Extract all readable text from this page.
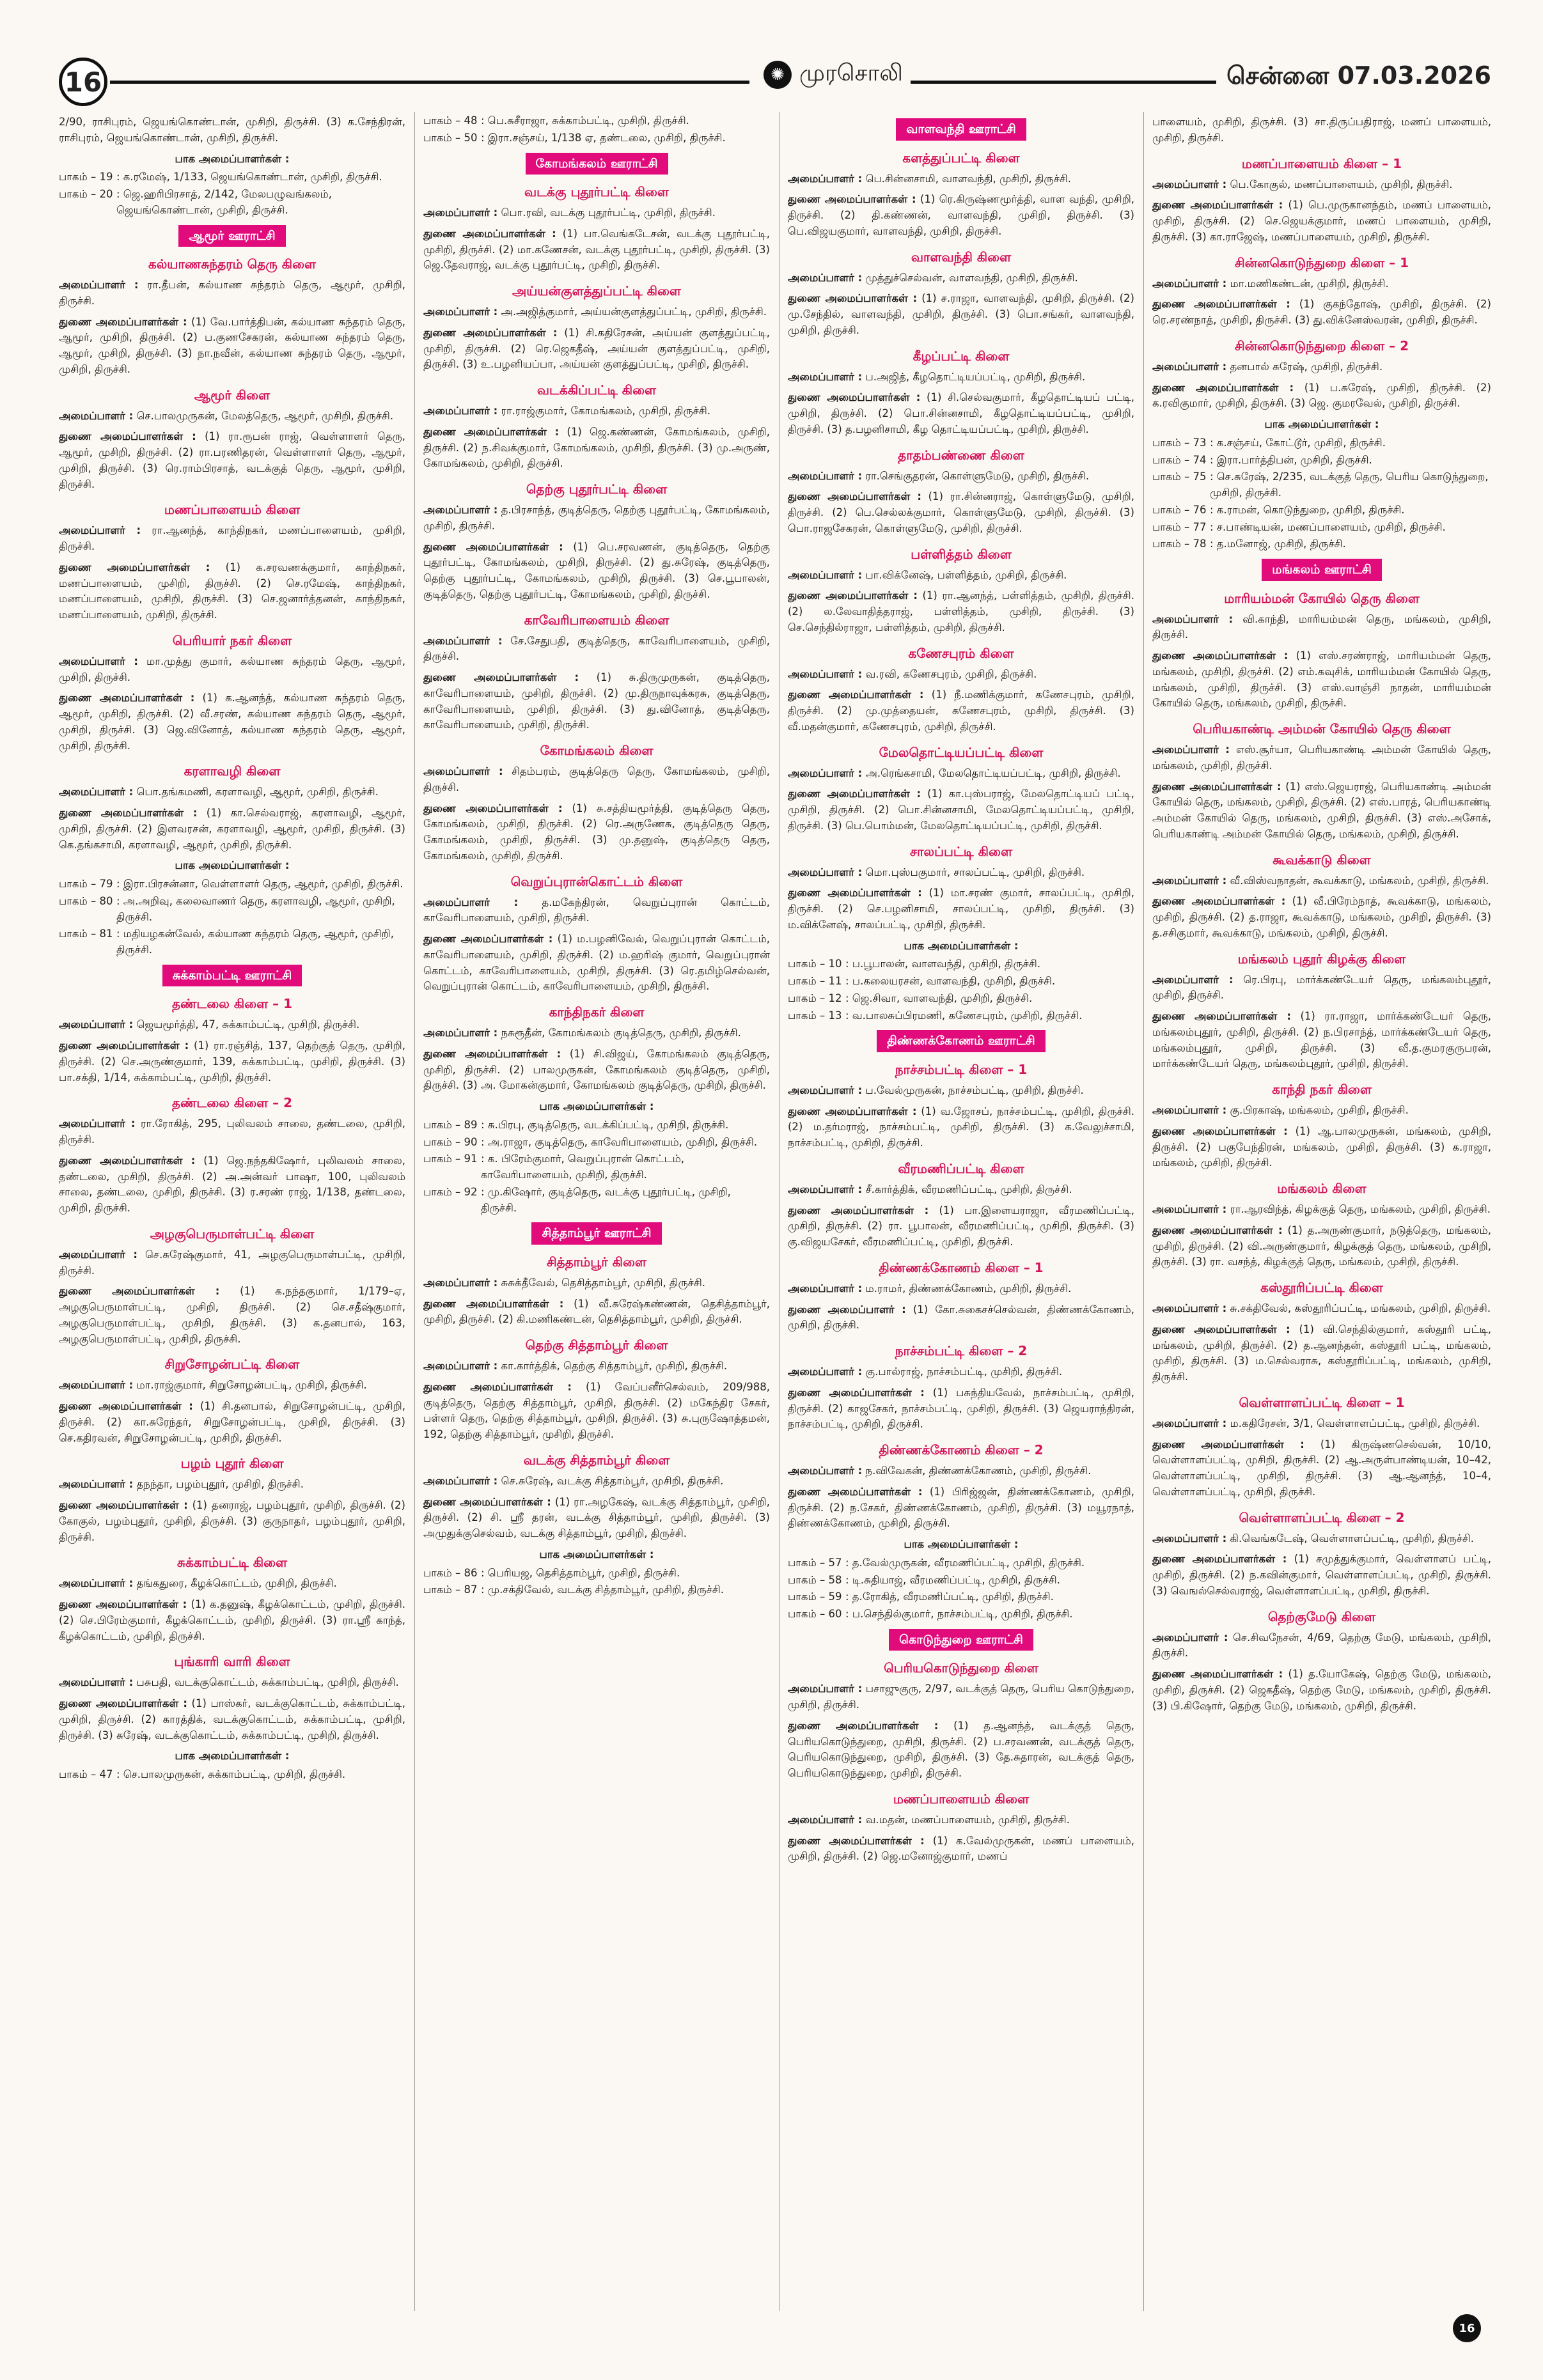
16	✺ முரசொலி	சென்னை 07.03.2026
2/90, ராசிபுரம், ஜெயங்கொண்டான், முசிறி, திருச்சி. (3) க.சேந்திரன், ராசிபுரம், ஜெயங்கொண்டான், முசிறி, திருச்சி.
பாக அமைப்பாளர்கள் :
பாகம் – 19 : க.ரமேஷ், 1/133, ஜெயங்கொண்டான், முசிறி, திருச்சி.
பாகம் – 20 : ஜெ.ஹரிபிரசாத், 2/142, மேலபழுவங்கலம், ஜெயங்கொண்டான், முசிறி, திருச்சி.
ஆமூர் ஊராட்சி
கல்யாணசுந்தரம் தெரு கிளை
அமைப்பாளர் : ரா.தீபன், கல்யாண சுந்தரம் தெரு, ஆமூர், முசிறி, திருச்சி.
துணை அமைப்பாளர்கள் : (1) வே.பார்த்திபன், கல்யாண சுந்தரம் தெரு, ஆமூர், முசிறி, திருச்சி. (2) ப.குணசேகரன், கல்யாண சுந்தரம் தெரு, ஆமூர், முசிறி, திருச்சி. (3) நா.நவீன், கல்யாண சுந்தரம் தெரு, ஆமூர், முசிறி, திருச்சி.
ஆமூர் கிளை
அமைப்பாளர் : செ.பாலமுருகன், மேலத்தெரு, ஆமூர், முசிறி, திருச்சி.
துணை அமைப்பாளர்கள் : (1) ரா.ரூபன் ராஜ், வெள்ளாளர் தெரு, ஆமூர், முசிறி, திருச்சி. (2) ரா.பரணிதரன், வெள்ளாளர் தெரு, ஆமூர், முசிறி, திருச்சி. (3) ரெ.ராம்பிரசாத், வடக்குத் தெரு, ஆமூர், முசிறி, திருச்சி.
மணப்பாளையம் கிளை
அமைப்பாளர் : ரா.ஆனந்த், காந்திநகர், மணப்பாளையம், முசிறி, திருச்சி.
துணை அமைப்பாளர்கள் : (1) க.சரவணக்குமார், காந்திநகர், மணப்பாளையம், முசிறி, திருச்சி. (2) செ.ரமேஷ், காந்திநகர், மணப்பாளையம், முசிறி, திருச்சி. (3) செ.ஜனார்த்தனன், காந்திநகர், மணப்பாளையம், முசிறி, திருச்சி.
பெரியார் நகர் கிளை
அமைப்பாளர் : மா.முத்து குமார், கல்யாண சுந்தரம் தெரு, ஆமூர், முசிறி, திருச்சி.
துணை அமைப்பாளர்கள் : (1) க.ஆனந்த், கல்யாண சுந்தரம் தெரு, ஆமூர், முசிறி, திருச்சி. (2) வீ.சரண், கல்யாண சுந்தரம் தெரு, ஆமூர், முசிறி, திருச்சி. (3) ஜெ.வினோத், கல்யாண சுந்தரம் தெரு, ஆமூர், முசிறி, திருச்சி.
கரளாவழி கிளை
அமைப்பாளர் : பொ.தங்கமணி, கரளாவழி, ஆமூர், முசிறி, திருச்சி.
துணை அமைப்பாளர்கள் : (1) கா.செல்வராஜ், கரளாவழி, ஆமூர், முசிறி, திருச்சி. (2) இளவரசன், கரளாவழி, ஆமூர், முசிறி, திருச்சி. (3) கெ.தங்கசாமி, கரளாவழி, ஆமூர், முசிறி, திருச்சி.
பாக அமைப்பாளர்கள் :
பாகம் – 79 : இரா.பிரசன்னா, வெள்ளாளர் தெரு, ஆமூர், முசிறி, திருச்சி.
பாகம் – 80 : அ.அறிவு, கலைவாணர் தெரு, கரளாவழி, ஆமூர், முசிறி, திருச்சி.
பாகம் – 81 : மதியழகன்வேல், கல்யாண சுந்தரம் தெரு, ஆமூர், முசிறி, திருச்சி.
சுக்காம்பட்டி ஊராட்சி
தண்டலை கிளை – 1
அமைப்பாளர் : ஜெயமூர்த்தி, 47, சுக்காம்பட்டி, முசிறி, திருச்சி.
துணை அமைப்பாளர்கள் : (1) ரா.ரஞ்சித், 137, தெற்குத் தெரு, முசிறி, திருச்சி. (2) செ.அருண்குமார், 139, சுக்காம்பட்டி, முசிறி, திருச்சி. (3) பா.சக்தி, 1/14, சுக்காம்பட்டி, முசிறி, திருச்சி.
தண்டலை கிளை – 2
அமைப்பாளர் : ரா.ரோகித், 295, புலிவலம் சாலை, தண்டலை, முசிறி, திருச்சி.
துணை அமைப்பாளர்கள் : (1) ஜெ.நந்தகிஷோர், புலிவலம் சாலை, தண்டலை, முசிறி, திருச்சி. (2) அ.அன்வர் பாஷா, 100, புலிவலம் சாலை, தண்டலை, முசிறி, திருச்சி. (3) ர.சரண் ராஜ், 1/138, தண்டலை, முசிறி, திருச்சி.
அழகுபெருமாள்பட்டி கிளை
அமைப்பாளர் : செ.சுரேஷ்குமார், 41, அழகுபெருமாள்பட்டி, முசிறி, திருச்சி.
துணை அமைப்பாளர்கள் : (1) க.நந்தகுமார், 1/179–ஏ, அழகுபெருமாள்பட்டி, முசிறி, திருச்சி. (2) செ.சதீஷ்குமார், அழகுபெருமாள்பட்டி, முசிறி, திருச்சி. (3) க.தனபால், 163, அழகுபெருமாள்பட்டி, முசிறி, திருச்சி.
சிறுசோழன்பட்டி கிளை
அமைப்பாளர் : மா.ராஜ்குமார், சிறுசோழன்பட்டி, முசிறி, திருச்சி.
துணை அமைப்பாளர்கள் : (1) சி.தனபால், சிறுசோழன்பட்டி, முசிறி, திருச்சி. (2) கா.சுரேந்தர், சிறுசோழன்பட்டி, முசிறி, திருச்சி. (3) செ.கதிரவன், சிறுசோழன்பட்டி, முசிறி, திருச்சி.
பழம் புதூர் கிளை
அமைப்பாளர் : தநந்தா, பழம்புதூர், முசிறி, திருச்சி.
துணை அமைப்பாளர்கள் : (1) தனராஜ், பழம்புதூர், முசிறி, திருச்சி. (2) கோகுல், பழம்புதூர், முசிறி, திருச்சி. (3) குருநாதர், பழம்புதூர், முசிறி, திருச்சி.
சுக்காம்பட்டி கிளை
அமைப்பாளர் : தங்கதுரை, கீழக்கொட்டம், முசிறி, திருச்சி.
துணை அமைப்பாளர்கள் : (1) க.தனுஷ், கீழக்கொட்டம், முசிறி, திருச்சி. (2) செ.பிரேம்குமார், கீழக்கொட்டம், முசிறி, திருச்சி. (3) ரா.ஸ்ரீ காந்த், கீழக்கொட்டம், முசிறி, திருச்சி.
புங்காரி வாரி கிளை
அமைப்பாளர் : பசுபதி, வடக்குகொட்டம், சுக்காம்பட்டி, முசிறி, திருச்சி.
துணை அமைப்பாளர்கள் : (1) பாஸ்கர், வடக்குகொட்டம், சுக்காம்பட்டி, முசிறி, திருச்சி. (2) காரத்திக், வடக்குகொட்டம், சுக்காம்பட்டி, முசிறி, திருச்சி. (3) சுரேஷ், வடக்குகொட்டம், சுக்காம்பட்டி, முசிறி, திருச்சி.
பாக அமைப்பாளர்கள் :
பாகம் – 47 : செ.பாலமுருகன், சுக்காம்பட்டி, முசிறி, திருச்சி.
பாகம் – 48 : பெ.சுசீராஜா, சுக்காம்பட்டி, முசிறி, திருச்சி.
பாகம் – 50 : இரா.சஞ்சய், 1/138 ஏ, தண்டலை, முசிறி, திருச்சி.
கோமங்கலம் ஊராட்சி
வடக்கு புதூர்பட்டி கிளை
அமைப்பாளர் : பொ.ரவி, வடக்கு புதூர்பட்டி, முசிறி, திருச்சி.
துணை அமைப்பாளர்கள் : (1) பா.வெங்கடேசன், வடக்கு புதூர்பட்டி, முசிறி, திருச்சி. (2) மா.கணேசன், வடக்கு புதூர்பட்டி, முசிறி, திருச்சி. (3) ஜெ.தேவராஜ், வடக்கு புதூர்பட்டி, முசிறி, திருச்சி.
அய்யன்குளத்துப்பட்டி கிளை
அமைப்பாளர் : அ.அஜித்குமார், அய்யன்குளத்துப்பட்டி, முசிறி, திருச்சி.
துணை அமைப்பாளர்கள் : (1) சி.கதிரேசன், அய்யன் குளத்துப்பட்டி, முசிறி, திருச்சி. (2) ரெ.ஜெகதீஷ், அய்யன் குளத்துப்பட்டி, முசிறி, திருச்சி. (3) உ.பழனியப்பா, அய்யன் குளத்துப்பட்டி, முசிறி, திருச்சி.
வடக்கிப்பட்டி கிளை
அமைப்பாளர் : ரா.ராஜ்குமார், கோமங்கலம், முசிறி, திருச்சி.
துணை அமைப்பாளர்கள் : (1) ஜெ.கண்ணன், கோமங்கலம், முசிறி, திருச்சி. (2) ந.சிவக்குமார், கோமங்கலம், முசிறி, திருச்சி. (3) மு.அருண், கோமங்கலம், முசிறி, திருச்சி.
தெற்கு புதூர்பட்டி கிளை
அமைப்பாளர் : த.பிரசாந்த், குடித்தெரு, தெற்கு புதூர்பட்டி, கோமங்கலம், முசிறி, திருச்சி.
துணை அமைப்பாளர்கள் : (1) பெ.சரவணன், குடித்தெரு, தெற்கு புதூர்பட்டி, கோமங்கலம், முசிறி, திருச்சி. (2) து.சுரேஷ், குடித்தெரு, தெற்கு புதூர்பட்டி, கோமங்கலம், முசிறி, திருச்சி. (3) செ.பூபாலன், குடித்தெரு, தெற்கு புதூர்பட்டி, கோமங்கலம், முசிறி, திருச்சி.
காவேரிபாளையம் கிளை
அமைப்பாளர் : சே.சேதுபதி, குடித்தெரு, காவேரிபாளையம், முசிறி, திருச்சி.
துணை அமைப்பாளர்கள் : (1) சு.திருமுருகன், குடித்தெரு, காவேரிபாளையம், முசிறி, திருச்சி. (2) மு.திருநாவுக்கரசு, குடித்தெரு, காவேரிபாளையம், முசிறி, திருச்சி. (3) து.வினோத், குடித்தெரு, காவேரிபாளையம், முசிறி, திருச்சி.
கோமங்கலம் கிளை
அமைப்பாளர் : சிதம்பரம், குடித்தெரு தெரு, கோமங்கலம், முசிறி, திருச்சி.
துணை அமைப்பாளர்கள் : (1) சு.சத்தியமூர்த்தி, குடித்தெரு தெரு, கோமங்கலம், முசிறி, திருச்சி. (2) ரெ.அருணேசு, குடித்தெரு தெரு, கோமங்கலம், முசிறி, திருச்சி. (3) மு.தனுஷ், குடித்தெரு தெரு, கோமங்கலம், முசிறி, திருச்சி.
வெறுப்புரான்கொட்டம் கிளை
அமைப்பாளர் : த.மகேந்திரன், வெறுப்புரான் கொட்டம், காவேரிபாளையம், முசிறி, திருச்சி.
துணை அமைப்பாளர்கள் : (1) ம.பழனிவேல், வெறுப்புரான் கொட்டம், காவேரிபாளையம், முசிறி, திருச்சி. (2) ம.ஹரிஷ் குமார், வெறுப்புரான் கொட்டம், காவேரிபாளையம், முசிறி, திருச்சி. (3) ரெ.தமிழ்செல்வன், வெறுப்புரான் கொட்டம், காவேரிபாளையம், முசிறி, திருச்சி.
காந்திநகர் கிளை
அமைப்பாளர் : நசுரூதீன், கோமங்கலம் குடித்தெரு, முசிறி, திருச்சி.
துணை அமைப்பாளர்கள் : (1) சி.விஜய், கோமங்கலம் குடித்தெரு, முசிறி, திருச்சி. (2) பாலமுருகன், கோமங்கலம் குடித்தெரு, முசிறி, திருச்சி. (3) அ. மோகன்குமார், கோமங்கலம் குடித்தெரு, முசிறி, திருச்சி.
பாக அமைப்பாளர்கள் :
பாகம் – 89 : சு.பிரபு, குடித்தெரு, வடக்கிப்பட்டி, முசிறி, திருச்சி.
பாகம் – 90 : அ.ராஜா, குடித்தெரு, காவேரிபாளையம், முசிறி, திருச்சி.
பாகம் – 91 : க. பிரேம்குமார், வெறுப்புரான் கொட்டம், காவேரிபாளையம், முசிறி, திருச்சி.
பாகம் – 92 : மு.கிஷோர், குடித்தெரு, வடக்கு புதூர்பட்டி, முசிறி, திருச்சி.
சித்தாம்பூர் ஊராட்சி
சித்தாம்பூர் கிளை
அமைப்பாளர் : சுசுக்தீவேல், தெசித்தாம்பூர், முசிறி, திருச்சி.
துணை அமைப்பாளர்கள் : (1) வீ.சுரேஷ்கண்ணன், தெசித்தாம்பூர், முசிறி, திருச்சி. (2) கி.மணிகண்டன், தெசித்தாம்பூர், முசிறி, திருச்சி.
தெற்கு சித்தாம்பூர் கிளை
அமைப்பாளர் : கா.கார்த்திக், தெற்கு சித்தாம்பூர், முசிறி, திருச்சி.
துணை அமைப்பாளர்கள் : (1) வேப்பனீர்செல்வம், 209/988, குடித்தெரு, தெற்கு சித்தாம்பூர், முசிறி, திருச்சி. (2) மகேந்திர சேகர், பள்ளர் தெரு, தெற்கு சித்தாம்பூர், முசிறி, திருச்சி. (3) சு.புருஷோத்தமன், 192, தெற்கு சித்தாம்பூர், முசிறி, திருச்சி.
வடக்கு சித்தாம்பூர் கிளை
அமைப்பாளர் : செ.சுரேஷ், வடக்கு சித்தாம்பூர், முசிறி, திருச்சி.
துணை அமைப்பாளர்கள் : (1) ரா.அழகேஷ், வடக்கு சித்தாம்பூர், முசிறி, திருச்சி. (2) சி. ஸ்ரீ தரன், வடக்கு சித்தாம்பூர், முசிறி, திருச்சி. (3) அமுதுக்குசெல்வம், வடக்கு சித்தாம்பூர், முசிறி, திருச்சி.
பாக அமைப்பாளர்கள் :
பாகம் – 86 : பெரியஜ, தெசித்தாம்பூர், முசிறி, திருச்சி.
பாகம் – 87 : மு.சக்திவேல், வடக்கு சித்தாம்பூர், முசிறி, திருச்சி.
வாளவந்தி ஊராட்சி
களத்துப்பட்டி கிளை
அமைப்பாளர் : பெ.சின்னசாமி, வாளவந்தி, முசிறி, திருச்சி.
துணை அமைப்பாளர்கள் : (1) ரெ.கிருஷ்ணமூர்த்தி, வாள வந்தி, முசிறி, திருச்சி. (2) தி.கண்ணன், வாளவந்தி, முசிறி, திருச்சி. (3) பெ.விஜயகுமார், வாளவந்தி, முசிறி, திருச்சி.
வாளவந்தி கிளை
அமைப்பாளர் : முத்துச்செல்வன், வாளவந்தி, முசிறி, திருச்சி.
துணை அமைப்பாளர்கள் : (1) ச.ராஜா, வாளவந்தி, முசிறி, திருச்சி. (2) மு.சேந்தில், வாளவந்தி, முசிறி, திருச்சி. (3) பொ.சங்கர், வாளவந்தி, முசிறி, திருச்சி.
கீழப்பட்டி கிளை
அமைப்பாளர் : ப.அஜித், கீழதொட்டியப்பட்டி, முசிறி, திருச்சி.
துணை அமைப்பாளர்கள் : (1) சி.செல்வகுமார், கீழதொட்டியப் பட்டி, முசிறி, திருச்சி. (2) பொ.சின்னசாமி, கீழதொட்டியப்பட்டி, முசிறி, திருச்சி. (3) த.பழனிசாமி, கீழ தொட்டியப்பட்டி, முசிறி, திருச்சி.
தாதம்பண்ணை கிளை
அமைப்பாளர் : ரா.செங்குதரன், கொள்ளுமேடு, முசிறி, திருச்சி.
துணை அமைப்பாளர்கள் : (1) ரா.சின்னராஜ், கொள்ளுமேடு, முசிறி, திருச்சி. (2) பெ.செல்லக்குமார், கொள்ளுமேடு, முசிறி, திருச்சி. (3) பொ.ராஜசேகரன், கொள்ளுமேடு, முசிறி, திருச்சி.
பள்ளித்தம் கிளை
அமைப்பாளர் : பா.விக்னேஷ், பள்ளித்தம், முசிறி, திருச்சி.
துணை அமைப்பாளர்கள் : (1) ரா.ஆனந்த், பள்ளித்தம், முசிறி, திருச்சி. (2) ல.லேவாதித்தராஜ், பள்ளித்தம், முசிறி, திருச்சி. (3) செ.செந்தில்ராஜா, பள்ளித்தம், முசிறி, திருச்சி.
கணேசபுரம் கிளை
அமைப்பாளர் : வ.ரவி, கணேசபுரம், முசிறி, திருச்சி.
துணை அமைப்பாளர்கள் : (1) நீ.மணிக்குமார், கணேசபுரம், முசிறி, திருச்சி. (2) மு.முத்தையன், கணேசபுரம், முசிறி, திருச்சி. (3) வீ.மதன்குமார், கணேசபுரம், முசிறி, திருச்சி.
மேலதொட்டியப்பட்டி கிளை
அமைப்பாளர் : அ.ரெங்கசாமி, மேலதொட்டியப்பட்டி, முசிறி, திருச்சி.
துணை அமைப்பாளர்கள் : (1) கா.புஸ்பராஜ், மேலதொட்டியப் பட்டி, முசிறி, திருச்சி. (2) பொ.சின்னசாமி, மேலதொட்டியப்பட்டி, முசிறி, திருச்சி. (3) பெ.பொம்மன், மேலதொட்டியப்பட்டி, முசிறி, திருச்சி.
சாலப்பட்டி கிளை
அமைப்பாளர் : மொ.புஸ்பகுமார், சாலப்பட்டி, முசிறி, திருச்சி.
துணை அமைப்பாளர்கள் : (1) மா.சரண் குமார், சாலப்பட்டி, முசிறி, திருச்சி. (2) செ.பழனிசாமி, சாலப்பட்டி, முசிறி, திருச்சி. (3) ம.விக்னேஷ், சாலப்பட்டி, முசிறி, திருச்சி.
பாக அமைப்பாளர்கள் :
பாகம் – 10 : ப.பூபாலன், வாளவந்தி, முசிறி, திருச்சி.
பாகம் – 11 : ப.கலையரசன், வாளவந்தி, முசிறி, திருச்சி.
பாகம் – 12 : ஜெ.சிவா, வாளவந்தி, முசிறி, திருச்சி.
பாகம் – 13 : வ.பாலசுப்பிரமணி, கணேசபுரம், முசிறி, திருச்சி.
திண்ணக்கோணம் ஊராட்சி
நாச்சம்பட்டி கிளை – 1
அமைப்பாளர் : ப.வேல்முருகன், நாச்சம்பட்டி, முசிறி, திருச்சி.
துணை அமைப்பாளர்கள் : (1) வ.ஜோசப், நாச்சம்பட்டி, முசிறி, திருச்சி. (2) ம.தர்மராஜ், நாச்சம்பட்டி, முசிறி, திருச்சி. (3) க.வேலுச்சாமி, நாச்சம்பட்டி, முசிறி, திருச்சி.
வீரமணிப்பட்டி கிளை
அமைப்பாளர் : சீ.கார்த்திக், வீரமணிப்பட்டி, முசிறி, திருச்சி.
துணை அமைப்பாளர்கள் : (1) பா.இளையராஜா, வீரமணிப்பட்டி, முசிறி, திருச்சி. (2) ரா. பூபாலன், வீரமணிப்பட்டி, முசிறி, திருச்சி. (3) கு.விஜயசேகர், வீரமணிப்பட்டி, முசிறி, திருச்சி.
திண்ணக்கோணம் கிளை – 1
அமைப்பாளர் : ம.ராமர், திண்ணக்கோணம், முசிறி, திருச்சி.
துணை அமைப்பாளர் : (1) கோ.சுகைசச்செல்வன், திண்ணக்கோணம், முசிறி, திருச்சி.
நாச்சம்பட்டி கிளை – 2
அமைப்பாளர் : கு.பால்ராஜ், நாச்சம்பட்டி, முசிறி, திருச்சி.
துணை அமைப்பாளர்கள் : (1) பசுந்தியவேல், நாச்சம்பட்டி, முசிறி, திருச்சி. (2) காஜசேகர், நாச்சம்பட்டி, முசிறி, திருச்சி. (3) ஜெயராந்திரன், நாச்சம்பட்டி, முசிறி, திருச்சி.
திண்ணக்கோணம் கிளை – 2
அமைப்பாளர் : ந.விவேகன், திண்ணக்கோணம், முசிறி, திருச்சி.
துணை அமைப்பாளர்கள் : (1) பிரிஜ்ஜன், திண்ணக்கோணம், முசிறி, திருச்சி. (2) ந.சேகர், திண்ணக்கோணம், முசிறி, திருச்சி. (3) மயூரநாத், திண்ணக்கோணம், முசிறி, திருச்சி.
பாக அமைப்பாளர்கள் :
பாகம் – 57 : த.வேல்முருகன், வீரமணிப்பட்டி, முசிறி, திருச்சி.
பாகம் – 58 : டி.சுதியாஜ், வீரமணிப்பட்டி, முசிறி, திருச்சி.
பாகம் – 59 : த.ரோகித், வீரமணிப்பட்டி, முசிறி, திருச்சி.
பாகம் – 60 : ப.செந்தில்குமார், நாச்சம்பட்டி, முசிறி, திருச்சி.
கொடுந்துறை ஊராட்சி
பெரியகொடுந்துறை கிளை
அமைப்பாளர் : பசாஜுகுரு, 2/97, வடக்குத் தெரு, பெரிய கொடுந்துறை, முசிறி, திருச்சி.
துணை அமைப்பாளர்கள் : (1) த.ஆனந்த், வடக்குத் தெரு, பெரியகொடுந்துறை, முசிறி, திருச்சி. (2) ப.சரவணன், வடக்குத் தெரு, பெரியகொடுந்துறை, முசிறி, திருச்சி. (3) தே.சுதாரன், வடக்குத் தெரு, பெரியகொடுந்துறை, முசிறி, திருச்சி.
மணப்பாளையம் கிளை
அமைப்பாளர் : வ.மதன், மணப்பாளையம், முசிறி, திருச்சி.
துணை அமைப்பாளர்கள் : (1) க.வேல்முருகன், மணப் பாளையம், முசிறி, திருச்சி. (2) ஜெ.மனோஜ்குமார், மணப்
பாளையம், முசிறி, திருச்சி. (3) சா.திருப்பதிராஜ், மணப் பாளையம், முசிறி, திருச்சி.
மணப்பாளையம் கிளை – 1
அமைப்பாளர் : பெ.கோகுல், மணப்பாளையம், முசிறி, திருச்சி.
துணை அமைப்பாளர்கள் : (1) பெ.முருகானந்தம், மணப் பாளையம், முசிறி, திருச்சி. (2) செ.ஜெயக்குமார், மணப் பாளையம், முசிறி, திருச்சி. (3) கா.ராஜேஷ், மணப்பாளையம், முசிறி, திருச்சி.
சின்னகொடுந்துறை கிளை – 1
அமைப்பாளர் : மா.மணிகண்டன், முசிறி, திருச்சி.
துணை அமைப்பாளர்கள் : (1) குகந்தோஷ், முசிறி, திருச்சி. (2) ரெ.சரண்நாத், முசிறி, திருச்சி. (3) து.விக்னேஸ்வரன், முசிறி, திருச்சி.
சின்னகொடுந்துறை கிளை – 2
அமைப்பாளர் : தனபால் சுரேஷ், முசிறி, திருச்சி.
துணை அமைப்பாளர்கள் : (1) ப.சுரேஷ், முசிறி, திருச்சி. (2) க.ரவிகுமார், முசிறி, திருச்சி. (3) ஜெ. குமரவேல், முசிறி, திருச்சி.
பாக அமைப்பாளர்கள் :
பாகம் – 73 : க.சஞ்சய், கோட்டூர், முசிறி, திருச்சி.
பாகம் – 74 : இரா.பார்த்திபன், முசிறி, திருச்சி.
பாகம் – 75 : செ.சுரேஷ், 2/235, வடக்குத் தெரு, பெரிய கொடுந்துறை, முசிறி, திருச்சி.
பாகம் – 76 : க.ராமன், கொடுந்துறை, முசிறி, திருச்சி.
பாகம் – 77 : ச.பாண்டியன், மணப்பாளையம், முசிறி, திருச்சி.
பாகம் – 78 : த.மனோஜ், முசிறி, திருச்சி.
மங்கலம் ஊராட்சி
மாரியம்மன் கோயில் தெரு கிளை
அமைப்பாளர் : வி.காந்தி, மாரியம்மன் தெரு, மங்கலம், முசிறி, திருச்சி.
துணை அமைப்பாளர்கள் : (1) எஸ்.சரண்ராஜ், மாரியம்மன் தெரு, மங்கலம், முசிறி, திருச்சி. (2) எம்.கவுசிக், மாரியம்மன் கோயில் தெரு, மங்கலம், முசிறி, திருச்சி. (3) எஸ்.வாஞ்சி நாதன், மாரியம்மன் கோயில் தெரு, மங்கலம், முசிறி, திருச்சி.
பெரியகாண்டி அம்மன் கோயில் தெரு கிளை
அமைப்பாளர் : எஸ்.சூர்யா, பெரியகாண்டி அம்மன் கோயில் தெரு, மங்கலம், முசிறி, திருச்சி.
துணை அமைப்பாளர்கள் : (1) எஸ்.ஜெயராஜ், பெரியகாண்டி அம்மன் கோயில் தெரு, மங்கலம், முசிறி, திருச்சி. (2) எஸ்.பாரத், பெரியகாண்டி அம்மன் கோயில் தெரு, மங்கலம், முசிறி, திருச்சி. (3) எஸ்.அசோக், பெரியகாண்டி அம்மன் கோயில் தெரு, மங்கலம், முசிறி, திருச்சி.
கூவக்காடு கிளை
அமைப்பாளர் : வீ.விஸ்வநாதன், கூவக்காடு, மங்கலம், முசிறி, திருச்சி.
துணை அமைப்பாளர்கள் : (1) வீ.பிரேம்நாத், கூவக்காடு, மங்கலம், முசிறி, திருச்சி. (2) த.ராஜா, கூவக்காடு, மங்கலம், முசிறி, திருச்சி. (3) த.சசிகுமார், கூவக்காடு, மங்கலம், முசிறி, திருச்சி.
மங்கலம் புதூர் கிழக்கு கிளை
அமைப்பாளர் : ரெ.பிரபு, மார்க்கண்டேயர் தெரு, மங்கலம்புதூர், முசிறி, திருச்சி.
துணை அமைப்பாளர்கள் : (1) ரா.ராஜா, மார்க்கண்டேயர் தெரு, மங்கலம்புதூர், முசிறி, திருச்சி. (2) ந.பிரசாந்த், மார்க்கண்டேயர் தெரு, மங்கலம்புதூர், முசிறி, திருச்சி. (3) வீ.த.குமரகுருபரன், மார்க்கண்டேயர் தெரு, மங்கலம்புதூர், முசிறி, திருச்சி.
காந்தி நகர் கிளை
அமைப்பாளர் : கு.பிரகாஷ், மங்கலம், முசிறி, திருச்சி.
துணை அமைப்பாளர்கள் : (1) ஆ.பாலமுருகன், மங்கலம், முசிறி, திருச்சி. (2) பகுபேந்திரன், மங்கலம், முசிறி, திருச்சி. (3) க.ராஜா, மங்கலம், முசிறி, திருச்சி.
மங்கலம் கிளை
அமைப்பாளர் : ரா.ஆரவிந்த், கிழக்குத் தெரு, மங்கலம், முசிறி, திருச்சி.
துணை அமைப்பாளர்கள் : (1) த.அருண்குமார், நடுத்தெரு, மங்கலம், முசிறி, திருச்சி. (2) வி.அருண்குமார், கிழக்குத் தெரு, மங்கலம், முசிறி, திருச்சி. (3) ரா. வசந்த், கிழக்குத் தெரு, மங்கலம், முசிறி, திருச்சி.
கஸ்தூரிப்பட்டி கிளை
அமைப்பாளர் : சு.சக்திவேல், கஸ்தூரிப்பட்டி, மங்கலம், முசிறி, திருச்சி.
துணை அமைப்பாளர்கள் : (1) வி.செந்தில்குமார், கஸ்தூரி பட்டி, மங்கலம், முசிறி, திருச்சி. (2) த.ஆனந்தன், கஸ்தூரி பட்டி, மங்கலம், முசிறி, திருச்சி. (3) ம.செல்வராசு, கஸ்தூரிப்பட்டி, மங்கலம், முசிறி, திருச்சி.
வெள்ளாளப்பட்டி கிளை – 1
அமைப்பாளர் : ம.கதிரேசன், 3/1, வெள்ளாளப்பட்டி, முசிறி, திருச்சி.
துணை அமைப்பாளர்கள் : (1) கிருஷ்ணசெல்வன், 10/10, வெள்ளாளப்பட்டி, முசிறி, திருச்சி. (2) ஆ.அருள்பாண்டியன், 10–42, வெள்ளாளப்பட்டி, முசிறி, திருச்சி. (3) ஆ.ஆனந்த், 10–4, வெள்ளாளப்பட்டி, முசிறி, திருச்சி.
வெள்ளாளப்பட்டி கிளை – 2
அமைப்பாளர் : கி.வெங்கடேஷ், வெள்ளாளப்பட்டி, முசிறி, திருச்சி.
துணை அமைப்பாளர்கள் : (1) சமுத்துக்குமார், வெள்ளாளப் பட்டி, முசிறி, திருச்சி. (2) ந.கவின்குமார், வெள்ளாளப்பட்டி, முசிறி, திருச்சி. (3) வெஙல்செல்வராஜ், வெள்ளாளப்பட்டி, முசிறி, திருச்சி.
தெற்குமேடு கிளை
அமைப்பாளர் : செ.சிவநேசன், 4/69, தெற்கு மேடு, மங்கலம், முசிறி, திருச்சி.
துணை அமைப்பாளர்கள் : (1) த.யோகேஷ், தெற்கு மேடு, மங்கலம், முசிறி, திருச்சி. (2) ஜெகதீஷ், தெற்கு மேடு, மங்கலம், முசிறி, திருச்சி. (3) பி.கிஷோர், தெற்கு மேடு, மங்கலம், முசிறி, திருச்சி.
16
